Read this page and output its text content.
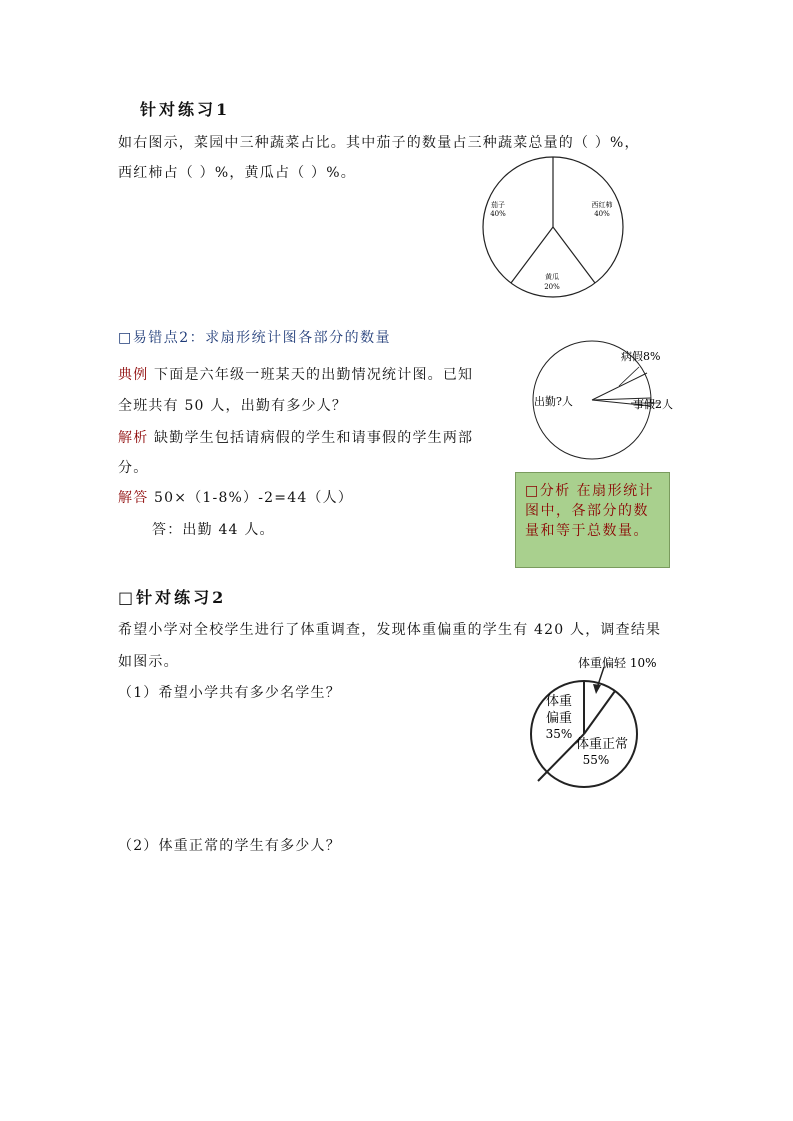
针对练习1
如右图示，菜园中三种蔬菜占比。其中茄子的数量占三种蔬菜总量的（ ）%，
西红柿占（ ）%，黄瓜占（ ）%。
茄子
40%
西红柿
40%
黄瓜
20%
□易错点2：求扇形统计图各部分的数量
典例 下面是六年级一班某天的出勤情况统计图。已知
全班共有 50 人，出勤有多少人？
解析 缺勤学生包括请病假的学生和请事假的学生两部
分。
解答 50×（1-8%）-2=44（人）
答：出勤 44 人。
病假8%
事假2人
出勤?人
□分析 在扇形统计图中，各部分的数量和等于总数量。
□针对练习2
希望小学对全校学生进行了体重调查，发现体重偏重的学生有 420 人，调查结果
如图示。
（1）希望小学共有多少名学生？
（2）体重正常的学生有多少人？
体重偏轻 10%
体重
偏重
35%
体重正常
55%
